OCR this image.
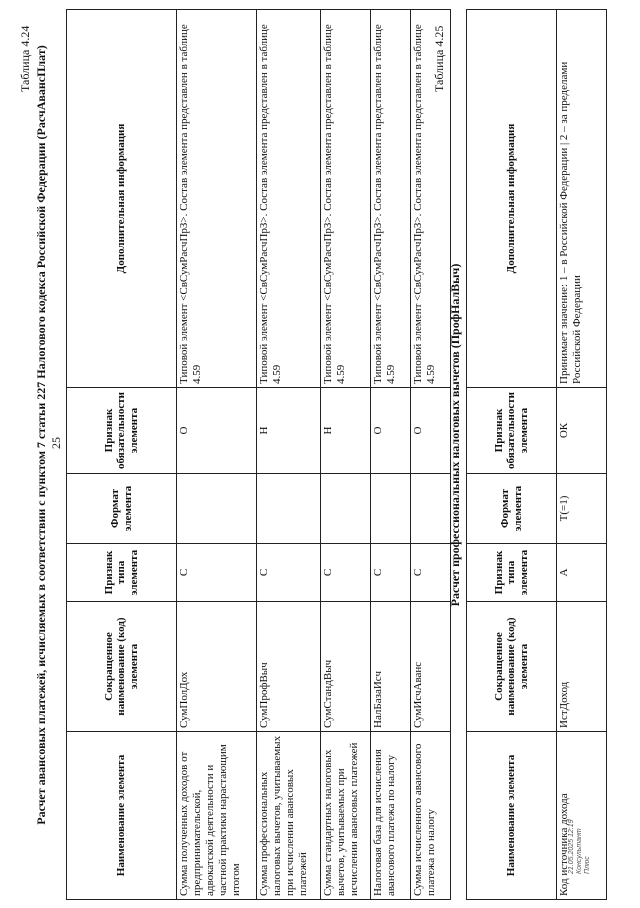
25
Таблица 4.24 Расчет авансовых платежей, исчисляемых в соответствии с пунктом 7 статьи 227 Налогового кодекса Российской Федерации (РасчАвансПлат)	Наименование элемента	Сокращенное наименование (код) элемента	Признак типа элемента	Формат элемента	Признак обязательности элемента	Дополнительная информация
Сумма полученных доходов от предпринимательской, адвокатской деятельности и частной практики нарастающим итогом	СумПолДох	С		О	Типовой элемент <СвСумРасчПрЗ>. Состав элемента представлен в таблице 4.59
Сумма профессиональных налоговых вычетов, учитываемых при исчислении авансовых платежей	СумПрофВыч	С		Н	Типовой элемент <СвСумРасчПрЗ>. Состав элемента представлен в таблице 4.59
Сумма стандартных налоговых вычетов, учитываемых при исчислении авансовых платежей	СумСтандВыч	С		Н	Типовой элемент <СвСумРасчПрЗ>. Состав элемента представлен в таблице 4.59
Налоговая база для исчисления авансового платежа по налогу	НалБазаИсч	С		О	Типовой элемент <СвСумРасчПрЗ>. Состав элемента представлен в таблице 4.59
Сумма исчисленного авансового платежа по налогу	СумИсчАванс	С		О	Типовой элемент <СвСумРасчПрЗ>. Состав элемента представлен в таблице 4.59
Таблица 4.25
Расчет профессиональных налоговых вычетов (ПрофНалВыч)
Наименование элемента	Сокращенное наименование (код) элемента	Признак типа элемента	Формат элемента	Признак обязательности элемента	Дополнительная информация
Код источника дохода	ИстДоход	А	Т(=1)	ОК	Принимает значение: 1 – в Российской Федерации | 2 – за пределами Российской Федерации
21.05.2025 12:19 Консультант Плюс
